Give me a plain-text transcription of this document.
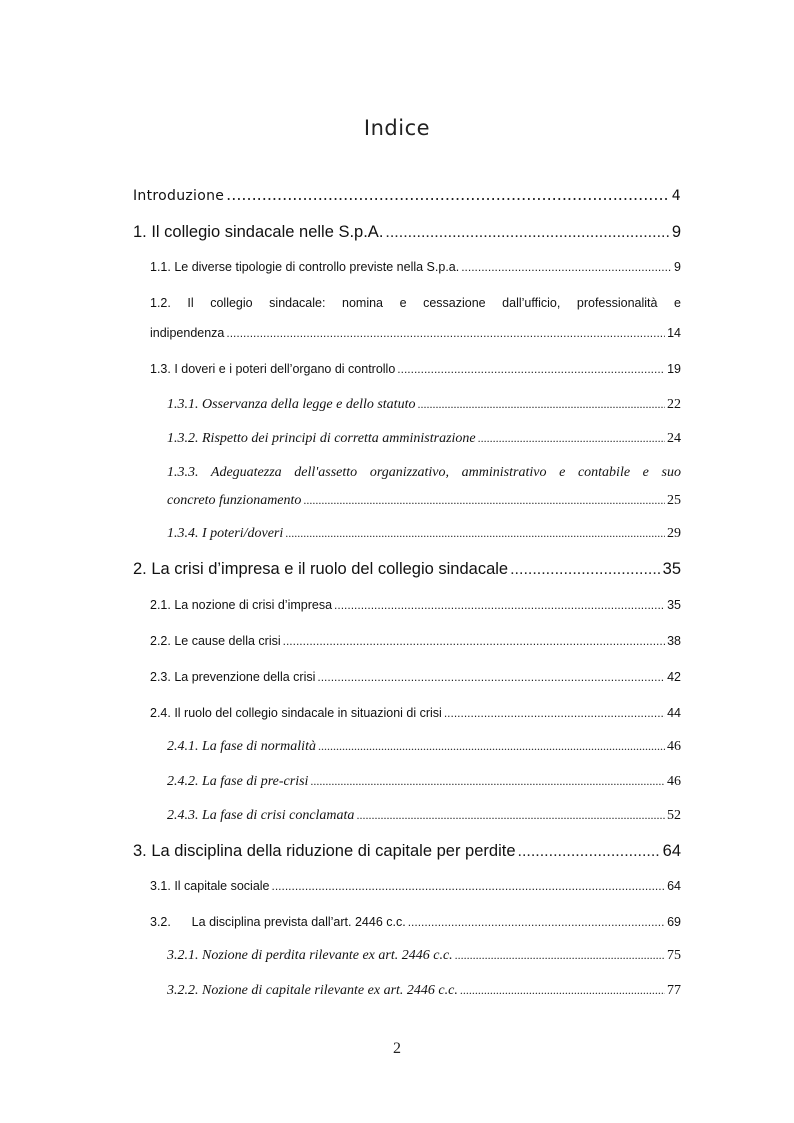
Indice
Introduzione .....	4
1. Il collegio sindacale nelle S.p.A. .....	9
1.1. Le diverse tipologie di controllo previste nella S.p.a. .....	9
1.2. Il collegio sindacale: nomina e cessazione dall’ufficio, professionalità e
indipendenza .....	14
1.3. I doveri e i poteri dell’organo di controllo .....	19
1.3.1. Osservanza della legge e dello statuto .....	22
1.3.2. Rispetto dei principi di corretta amministrazione .....	24
1.3.3. Adeguatezza dell'assetto organizzativo, amministrativo e contabile e suo
concreto funzionamento .....	25
1.3.4. I poteri/doveri .....	29
2. La crisi d’impresa e il ruolo del collegio sindacale .....	35
2.1. La nozione di crisi d’impresa .....	35
2.2. Le cause della crisi .....	38
2.3. La prevenzione della crisi .....	42
2.4. Il ruolo del collegio sindacale in situazioni di crisi .....	44
2.4.1. La fase di normalità .....	46
2.4.2. La fase di pre-crisi .....	46
2.4.3. La fase di crisi conclamata .....	52
3. La disciplina della riduzione di capitale per perdite .....	64
3.1. Il capitale sociale .....	64
3.2.      La disciplina prevista dall’art. 2446 c.c. .....	69
3.2.1. Nozione di perdita rilevante ex art. 2446 c.c. .....	75
3.2.2. Nozione di capitale rilevante ex art. 2446 c.c. .....	77
2
